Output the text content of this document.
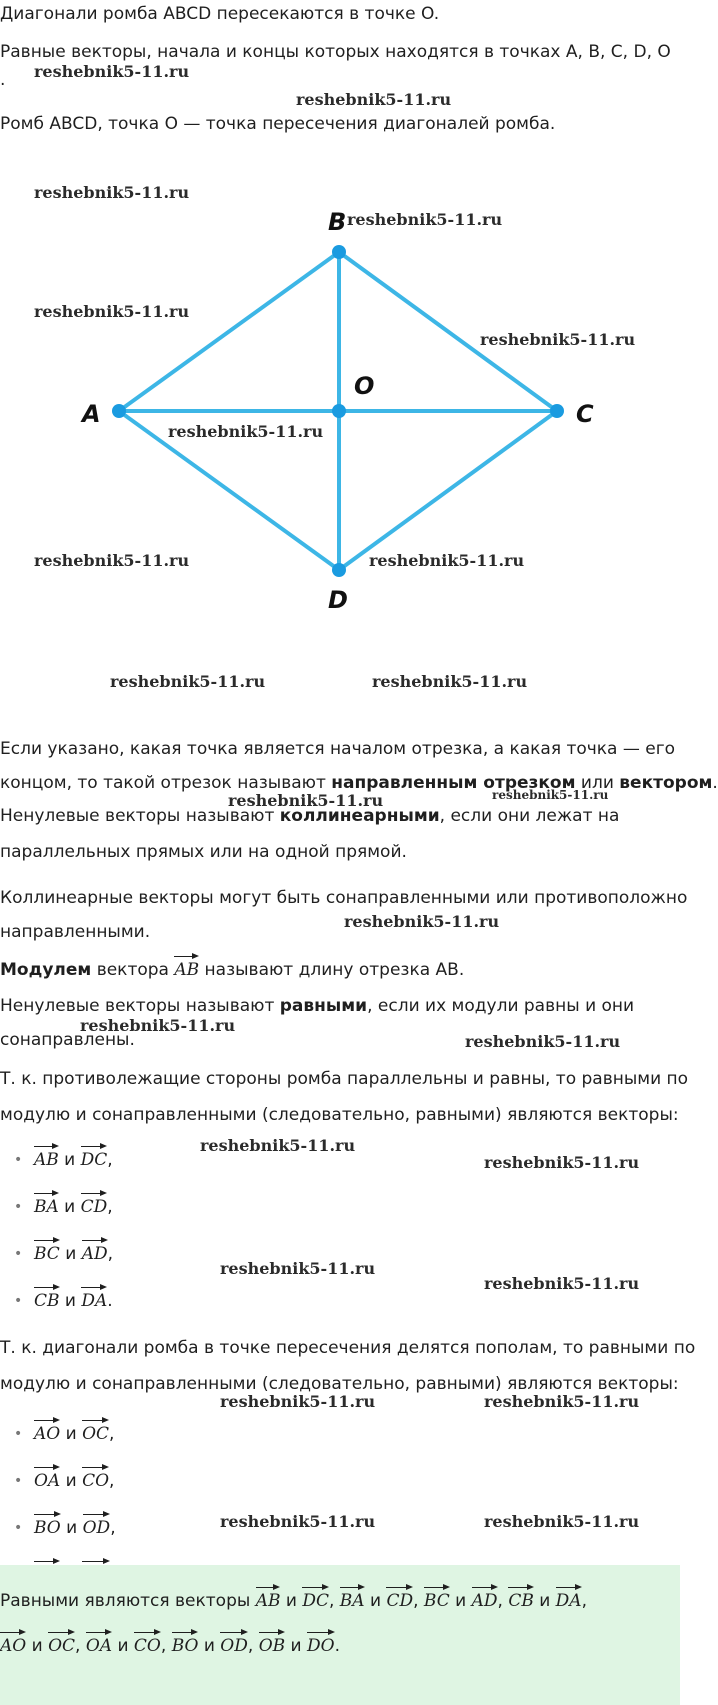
Диагонали ромба ABCD пересекаются в точке O.
Равные векторы, начала и концы которых находятся в точках A, B, C, D, O
.
Ромб ABCD, точка O — точка пересечения диагоналей ромба.
A
B
C
D
O
Если указано, какая точка является началом отрезка, а какая точка — его
концом, то такой отрезок называют направленным отрезком или вектором.
Ненулевые векторы называют коллинеарными, если они лежат на
параллельных прямых или на одной прямой.
Коллинеарные векторы могут быть сонаправленными или противоположно
направленными.
Модулем вектора
AB называют длину отрезка AB.
Ненулевые векторы называют равными, если их модули равны и они
сонаправлены.
Т. к. противолежащие стороны ромба параллельны и равны, то равными по
модулю и сонаправленными (следовательно, равными) являются векторы:
• AB и
DC,
• BA и
CD,
• BC и
AD,
• CB и
DA.
Т. к. диагонали ромба в точке пересечения делятся пополам, то равными по
модулю и сонаправленными (следовательно, равными) являются векторы:
• AO и
OC,
• OA и
CO,
• BO и
OD,
Равными являются векторы
AB и
DC,
BA и
CD,
BC и
AD,
CB и
DA,
AO и
OC,
OA и
CO,
BO и
OD,
OB и
DO.
reshebnik5-11.ru
reshebnik5-11.ru
reshebnik5-11.ru
reshebnik5-11.ru
reshebnik5-11.ru
reshebnik5-11.ru
reshebnik5-11.ru
reshebnik5-11.ru	reshebnik5-11.ru
reshebnik5-11.ru	reshebnik5-11.ru
reshebnik5-11.ru	reshebnik5-11.ru
reshebnik5-11.ru
reshebnik5-11.ru
reshebnik5-11.ru
reshebnik5-11.ru
reshebnik5-11.ru
reshebnik5-11.ru
reshebnik5-11.ru
reshebnik5-11.ru	reshebnik5-11.ru
reshebnik5-11.ru	reshebnik5-11.ru
